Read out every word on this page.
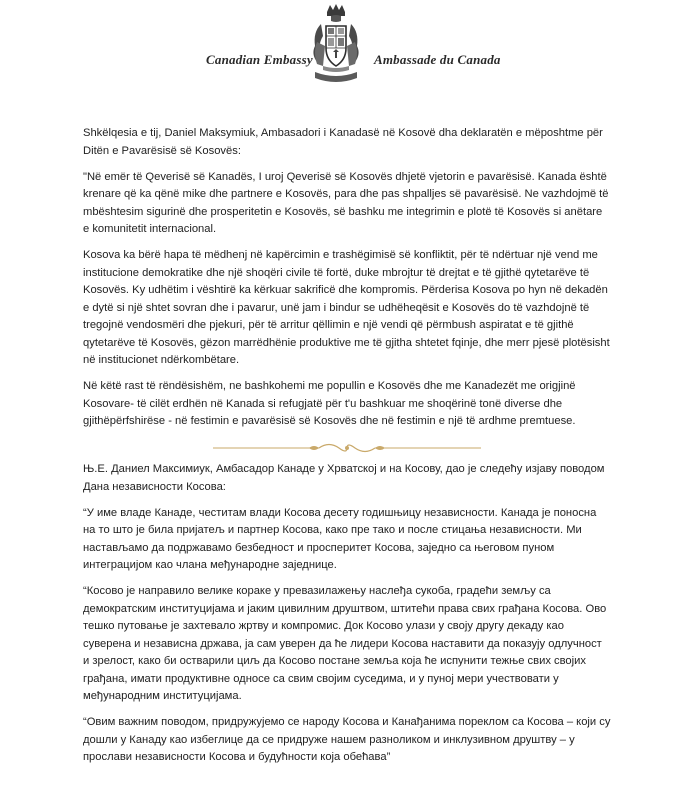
Canadian Embassy	Ambassade du Canada

Shkëlqesia e tij, Daniel Maksymiuk, Ambasadori i Kanadasë në Kosovë dha deklaratën e mëposhtme për Ditën e Pavarësisë së Kosovës:

"Në emër të Qeverisë së Kanadës, I uroj Qeverisë së Kosovës dhjetë vjetorin e pavarësisë. Kanada është krenare që ka qënë mike dhe partnere e Kosovës, para dhe pas shpalljes së pavarësisë. Ne vazhdojmë të mbështesim sigurinë dhe prosperitetin e Kosovës, së bashku me integrimin e plotë të Kosovës si anëtare e komunitetit internacional.

Kosova ka bërë hapa të mëdhenj në kapërcimin e trashëgimisë së konfliktit, për të ndërtuar një vend me institucione demokratike dhe një shoqëri civile të fortë, duke mbrojtur të drejtat e të gjithë qytetarëve të Kosovës. Ky udhëtim i vështirë ka kërkuar sakrificë dhe kompromis. Përderisa Kosova po hyn në dekadën e dytë si një shtet sovran dhe i pavarur, unë jam i bindur se udhëheqësit e Kosovës do të vazhdojnë të tregojnë vendosmëri dhe pjekuri, për të arritur qëllimin e një vendi që përmbush aspiratat e të gjithë qytetarëve të Kosovës, gëzon marrëdhënie produktive me të gjitha shtetet fqinje, dhe merr pjesë plotësisht në institucionet ndërkombëtare.

Në këtë rast të rëndësishëm, ne bashkohemi me popullin e Kosovës dhe me Kanadezët me origjinë Kosovare- të cilët erdhën në Kanada si refugjatë për t'u bashkuar me shoqërinë tonë diverse dhe gjithëpërfshirëse - në festimin e pavarësisë së Kosovës dhe në festimin e një të ardhme premtuese.

Њ.Е. Даниел Максимиук, Амбасадор Канаде у Хрватској и на Косову, дао је следећу изјаву поводом Дана независности Косова:

“У име владе Канаде, честитам влади Косова десету годишњицу независности. Канада је поносна на то што је била пријатељ и партнер Косова, како пре тако и после стицања независности. Ми настављамо да подржавамо безбедност и просперитет Косова, заједно са његовом пуном интеграцијом као члана међународне заједнице.

“Косово је направило велике кораке у превазилажењу наслеђа сукоба, градећи земљу са демократским институцијама и јаким цивилним друштвом, штитећи права свих грађана Косова. Ово тешко путовање је захтевало жртву и компромис. Док Косово улази у своју другу декаду као суверена и независна држава, ја сам уверен да ће лидери Косова наставити да показују одлучност и зрелост, како би остварили циљ да Косово постане земља која ће испунити тежње свих својих грађана, имати продуктивне односе са свим својим суседима, и у пуној мери учествовати у међународним институцијама.

“Овим важним поводом, придружујемо се народу Косова и Канађанима пореклом са Косова – који су дошли у Канаду као избеглице да се придруже нашем разноликом и инклузивном друштву – у прослави независности Косова и будућности која обећава”
